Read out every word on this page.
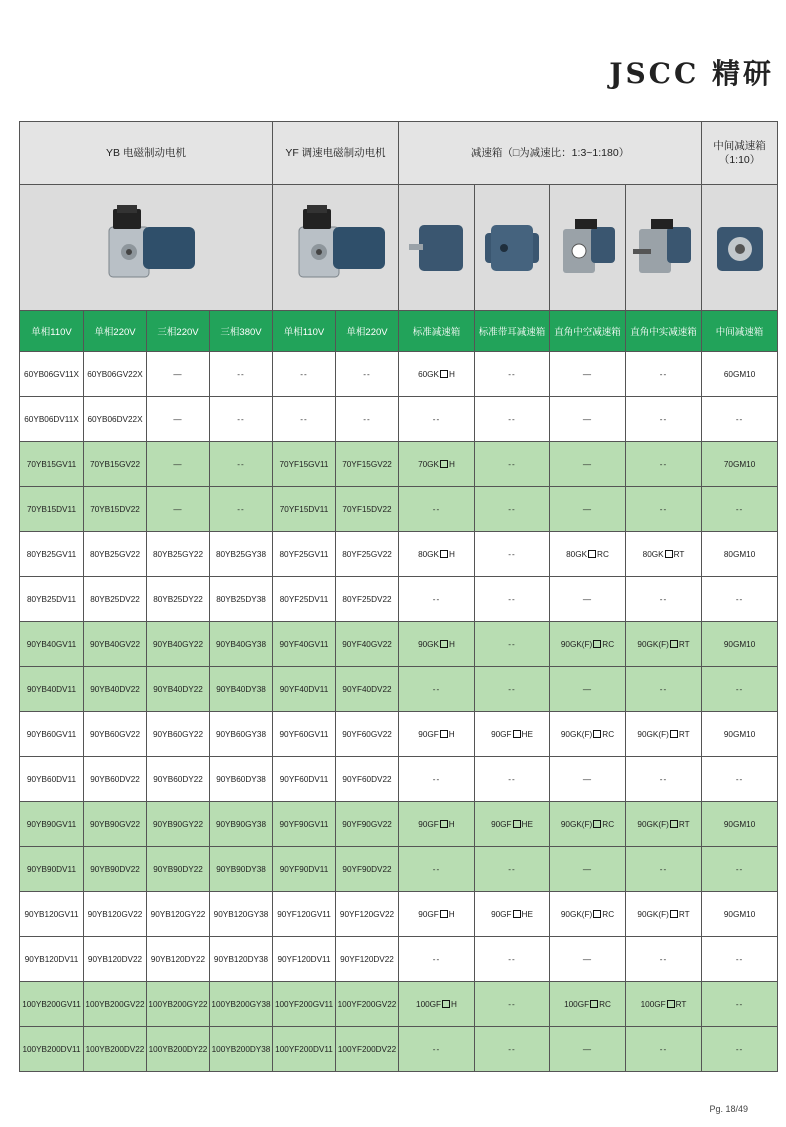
JSCC 精研
YB 电磁制动电机				YF 调速电磁制动电机		减速箱（□为减速比：1:3~1:180）				中间减速箱（1:10）

单相110V	单相220V	三相220V	三相380V	单相110V	单相220V	标准减速箱	标准带耳减速箱	直角中空减速箱	直角中实减速箱	中间减速箱
60YB06GV11X	60YB06GV22X	—	--	--	--	60GK H	--	—	--	60GM10
60YB06DV11X	60YB06DV22X	—	--	--	--	--	--	—	--	--
70YB15GV11	70YB15GV22	—	--	70YF15GV11	70YF15GV22	70GK H	--	—	--	70GM10
70YB15DV11	70YB15DV22	—	--	70YF15DV11	70YF15DV22	--	--	—	--	--
80YB25GV11	80YB25GV22	80YB25GY22	80YB25GY38	80YF25GV11	80YF25GV22	80GK H	--	80GK RC	80GK RT	80GM10
80YB25DV11	80YB25DV22	80YB25DY22	80YB25DY38	80YF25DV11	80YF25DV22	--	--	—	--	--
90YB40GV11	90YB40GV22	90YB40GY22	90YB40GY38	90YF40GV11	90YF40GV22	90GK H	--	90GK(F) RC	90GK(F) RT	90GM10
90YB40DV11	90YB40DV22	90YB40DY22	90YB40DY38	90YF40DV11	90YF40DV22	--	--	—	--	--
90YB60GV11	90YB60GV22	90YB60GY22	90YB60GY38	90YF60GV11	90YF60GV22	90GF H	90GF HE	90GK(F) RC	90GK(F) RT	90GM10
90YB60DV11	90YB60DV22	90YB60DY22	90YB60DY38	90YF60DV11	90YF60DV22	--	--	—	--	--
90YB90GV11	90YB90GV22	90YB90GY22	90YB90GY38	90YF90GV11	90YF90GV22	90GF H	90GF HE	90GK(F) RC	90GK(F) RT	90GM10
90YB90DV11	90YB90DV22	90YB90DY22	90YB90DY38	90YF90DV11	90YF90DV22	--	--	—	--	--
90YB120GV11	90YB120GV22	90YB120GY22	90YB120GY38	90YF120GV11	90YF120GV22	90GF H	90GF HE	90GK(F) RC	90GK(F) RT	90GM10
90YB120DV11	90YB120DV22	90YB120DY22	90YB120DY38	90YF120DV11	90YF120DV22	--	--	—	--	--
100YB200GV11	100YB200GV22	100YB200GY22	100YB200GY38	100YF200GV11	100YF200GV22	100GF H	--	100GF RC	100GF RT	--
100YB200DV11	100YB200DV22	100YB200DY22	100YB200DY38	100YF200DV11	100YF200DV22	--	--	—	--	--
Pg. 18/49
